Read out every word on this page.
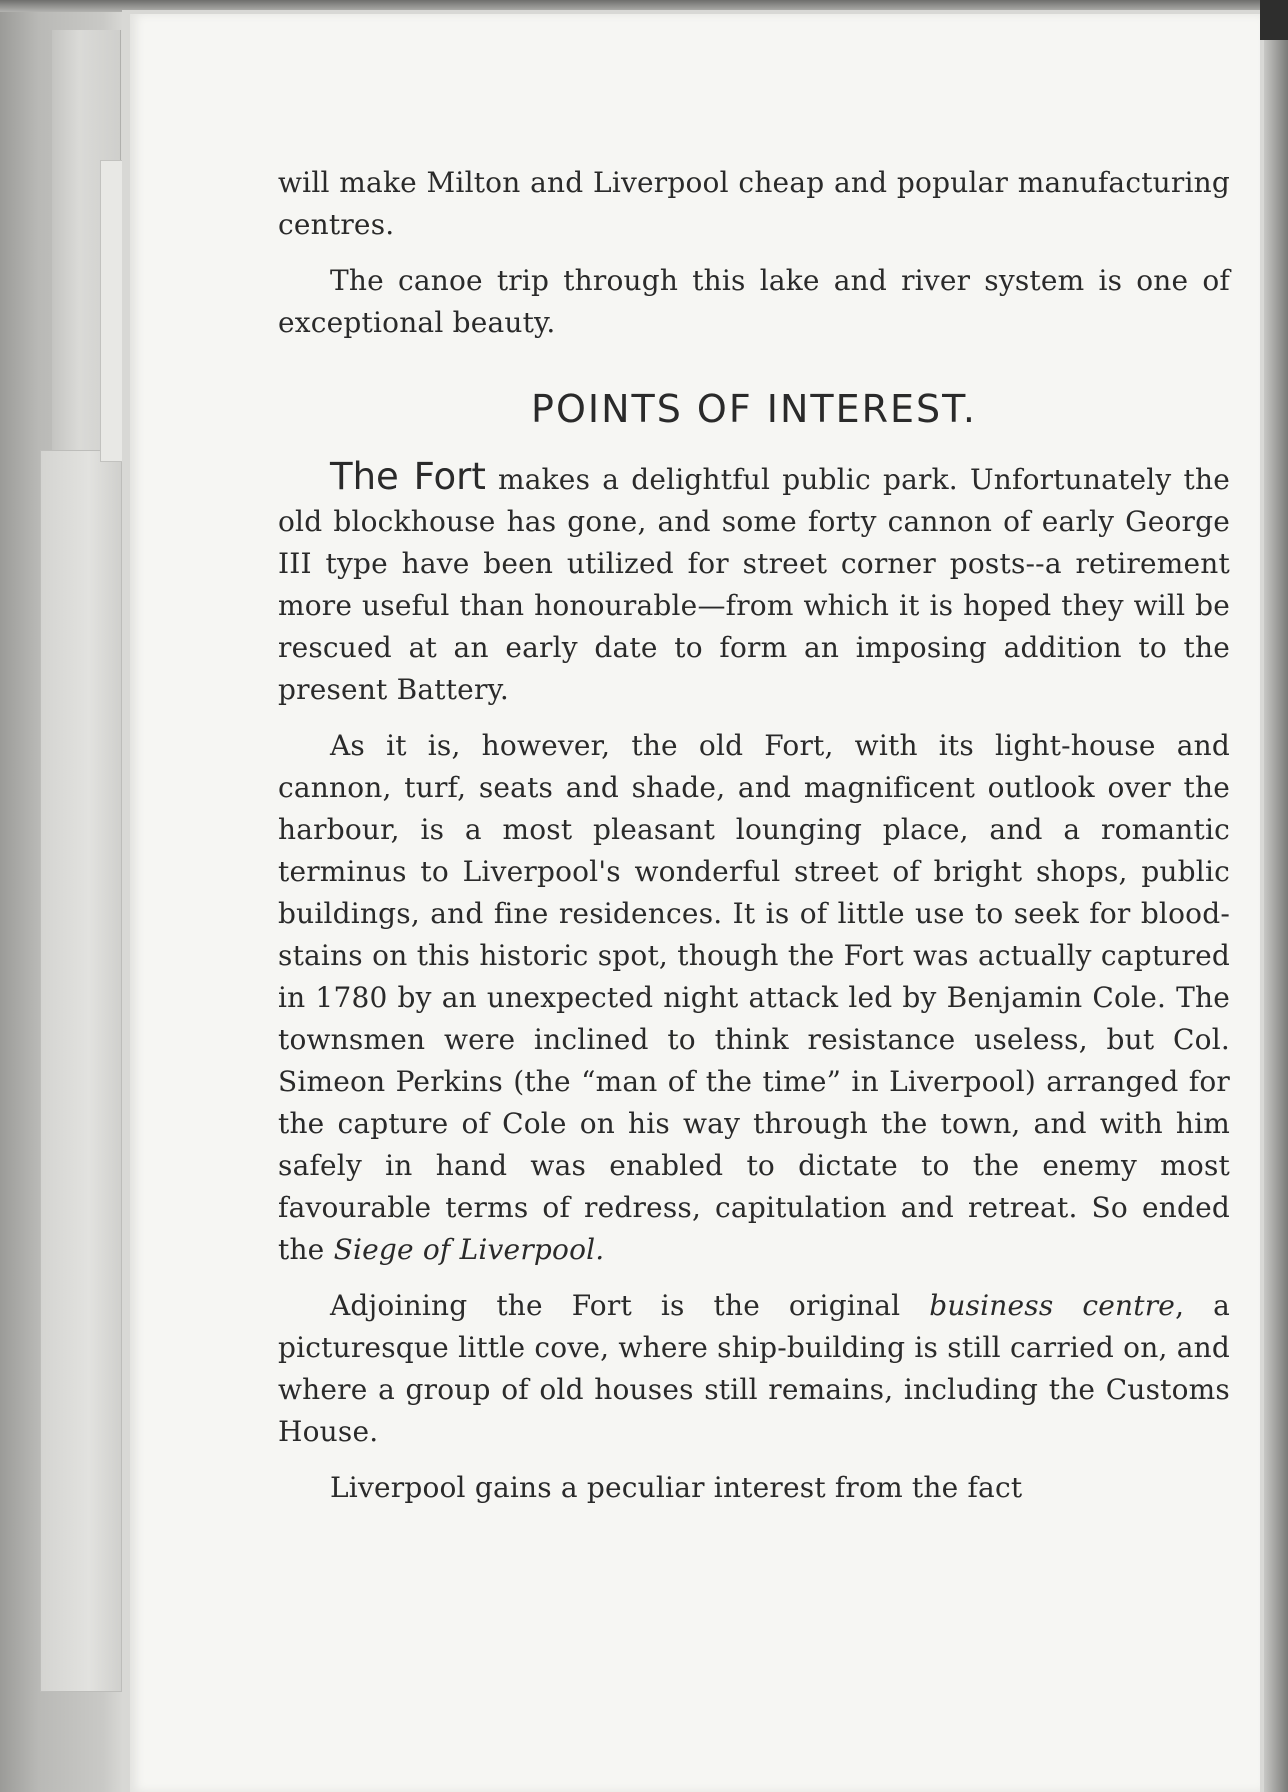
will make Milton and Liverpool cheap and popular manufacturing centres.

The canoe trip through this lake and river system is one of exceptional beauty.

POINTS OF INTEREST.

The Fort makes a delightful public park. Unfortunately the old blockhouse has gone, and some forty cannon of early George III type have been utilized for street corner posts--a retirement more useful than honourable—from which it is hoped they will be rescued at an early date to form an imposing addition to the present Battery.

As it is, however, the old Fort, with its light-house and cannon, turf, seats and shade, and magnificent outlook over the harbour, is a most pleasant lounging place, and a romantic terminus to Liverpool's wonderful street of bright shops, public buildings, and fine residences. It is of little use to seek for blood-stains on this historic spot, though the Fort was actually captured in 1780 by an unexpected night attack led by Benjamin Cole. The townsmen were inclined to think resistance useless, but Col. Simeon Perkins (the “man of the time” in Liverpool) arranged for the capture of Cole on his way through the town, and with him safely in hand was enabled to dictate to the enemy most favourable terms of redress, capitulation and retreat. So ended the Siege of Liverpool.

Adjoining the Fort is the original business centre, a picturesque little cove, where ship-building is still carried on, and where a group of old houses still remains, including the Customs House.

Liverpool gains a peculiar interest from the fact
